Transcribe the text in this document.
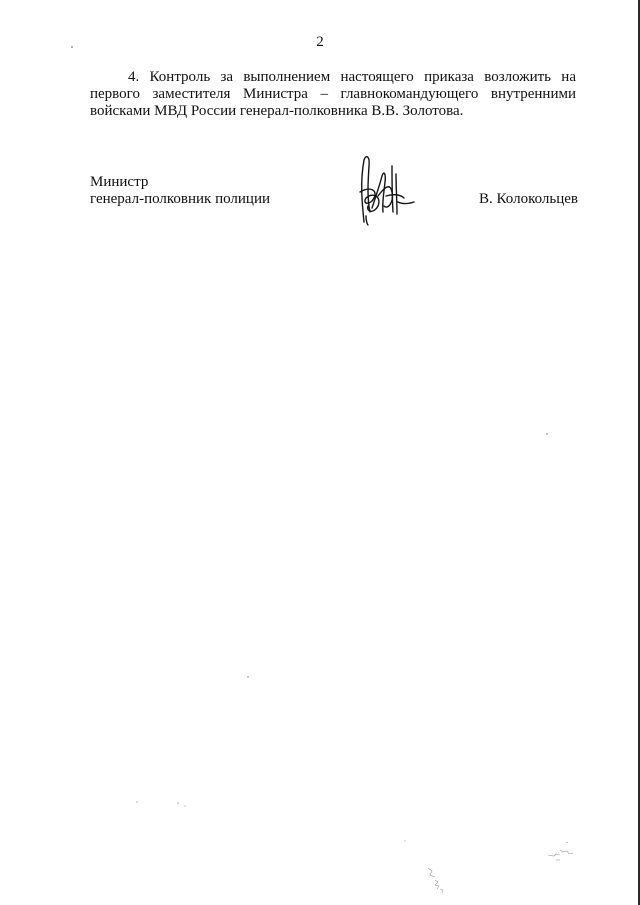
2
4. Контроль за выполнением настоящего приказа возложить на первого заместителя Министра – главнокомандующего внутренними войсками МВД России генерал-полковника В.В. Золотова.
Министр
генерал-полковник полиции	В. Колокольцев
